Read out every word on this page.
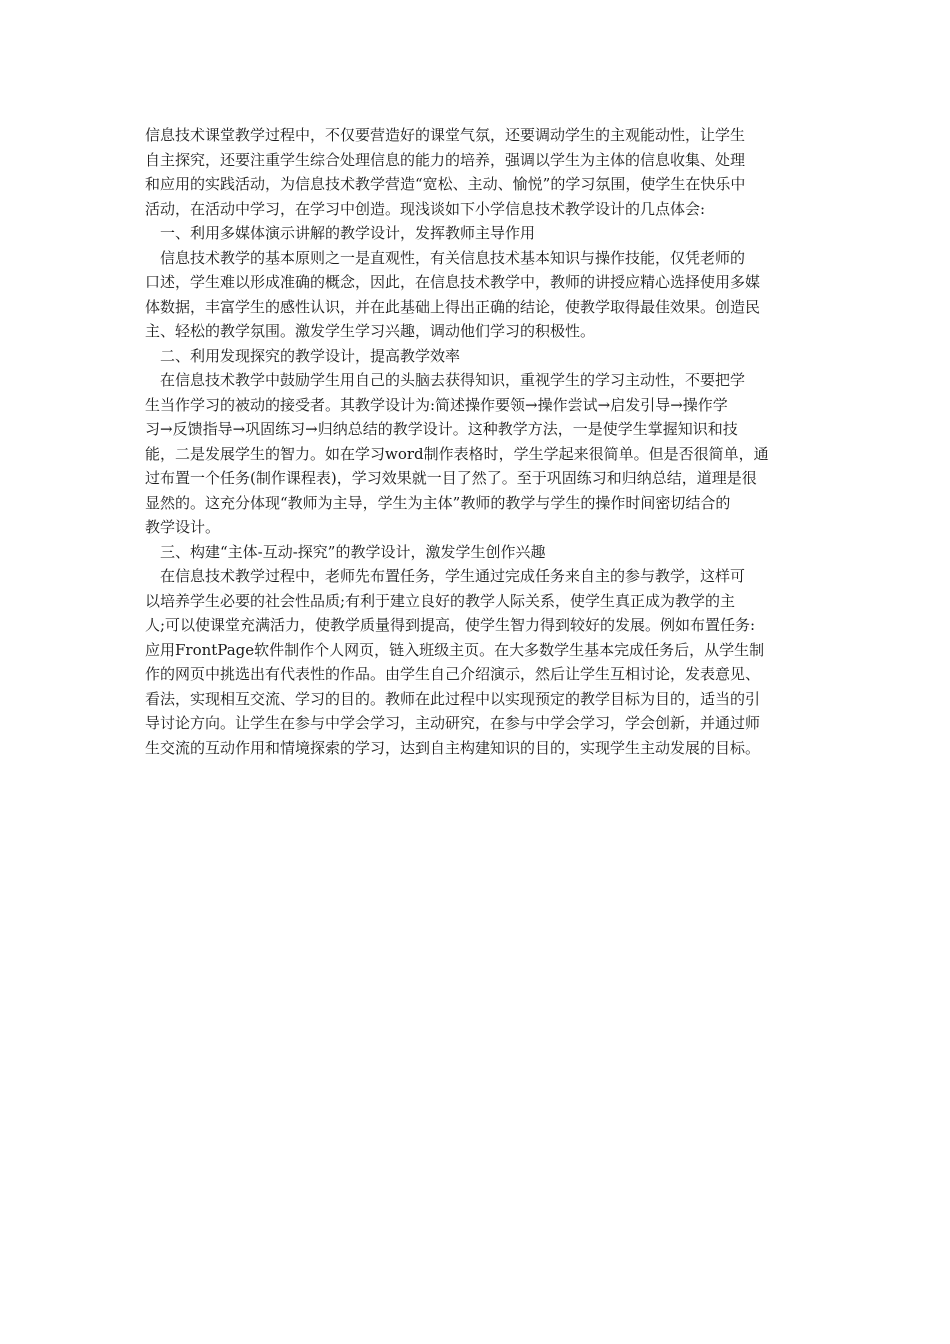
信息技术课堂教学过程中，不仅要营造好的课堂气氛，还要调动学生的主观能动性，让学生
自主探究，还要注重学生综合处理信息的能力的培养，强调以学生为主体的信息收集、处理
和应用的实践活动，为信息技术教学营造“宽松、主动、愉悦”的学习氛围，使学生在快乐中
活动，在活动中学习，在学习中创造。现浅谈如下小学信息技术教学设计的几点体会:
一、利用多媒体演示讲解的教学设计，发挥教师主导作用
信息技术教学的基本原则之一是直观性，有关信息技术基本知识与操作技能，仅凭老师的
口述，学生难以形成准确的概念，因此，在信息技术教学中，教师的讲授应精心选择使用多媒
体数据，丰富学生的感性认识，并在此基础上得出正确的结论，使教学取得最佳效果。创造民
主、轻松的教学氛围。激发学生学习兴趣，调动他们学习的积极性。
二、利用发现探究的教学设计，提高教学效率
在信息技术教学中鼓励学生用自己的头脑去获得知识，重视学生的学习主动性，不要把学
生当作学习的被动的接受者。其教学设计为:简述操作要领→操作尝试→启发引导→操作学
习→反馈指导→巩固练习→归纳总结的教学设计。这种教学方法，一是使学生掌握知识和技
能，二是发展学生的智力。如在学习word制作表格时，学生学起来很简单。但是否很简单，通
过布置一个任务(制作课程表)，学习效果就一目了然了。至于巩固练习和归纳总结，道理是很
显然的。这充分体现“教师为主导，学生为主体”教师的教学与学生的操作时间密切结合的
教学设计。
三、构建“主体-互动-探究”的教学设计，激发学生创作兴趣
在信息技术教学过程中，老师先布置任务，学生通过完成任务来自主的参与教学，这样可
以培养学生必要的社会性品质;有利于建立良好的教学人际关系，使学生真正成为教学的主
人;可以使课堂充满活力，使教学质量得到提高，使学生智力得到较好的发展。例如布置任务:
应用FrontPage软件制作个人网页，链入班级主页。在大多数学生基本完成任务后，从学生制
作的网页中挑选出有代表性的作品。由学生自己介绍演示，然后让学生互相讨论，发表意见、
看法，实现相互交流、学习的目的。教师在此过程中以实现预定的教学目标为目的，适当的引
导讨论方向。让学生在参与中学会学习，主动研究，在参与中学会学习，学会创新，并通过师
生交流的互动作用和情境探索的学习，达到自主构建知识的目的，实现学生主动发展的目标。
